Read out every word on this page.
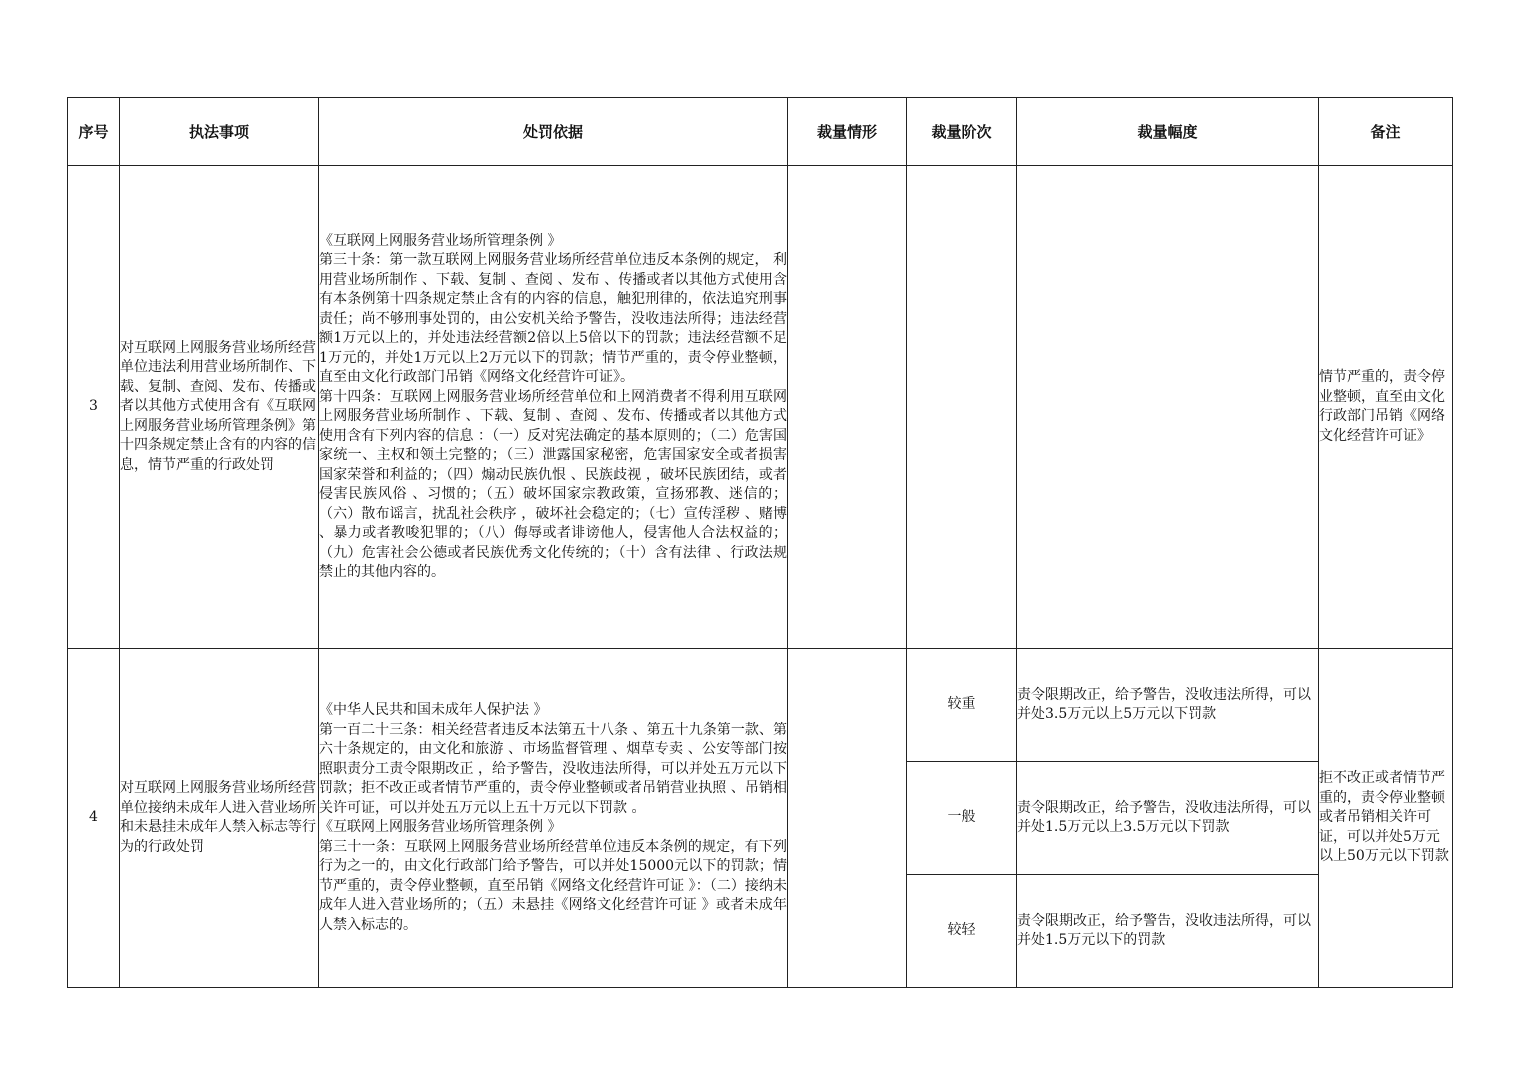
序号	执法事项	处罚依据	裁量情形	裁量阶次	裁量幅度	备注
3	对互联网上网服务营业场所经营单位违法利用营业场所制作、下载、复制、查阅、发布、传播或者以其他方式使用含有《互联网上网服务营业场所管理条例》第十四条规定禁止含有的内容的信息，情节严重的行政处罚	《互联网上网服务营业场所管理条例 》
第三十条：第一款互联网上网服务营业场所经营单位违反本条例的规定， 利用营业场所制作 、下载、复制 、查阅 、发布 、传播或者以其他方式使用含有本条例第十四条规定禁止含有的内容的信息，触犯刑律的，依法追究刑事责任；尚不够刑事处罚的，由公安机关给予警告，没收违法所得；违法经营额1万元以上的，并处违法经营额2倍以上5倍以下的罚款；违法经营额不足1万元的，并处1万元以上2万元以下的罚款；情节严重的，责令停业整顿，直至由文化行政部门吊销《网络文化经营许可证》。
第十四条：互联网上网服务营业场所经营单位和上网消费者不得利用互联网上网服务营业场所制作 、下载、复制 、查阅 、发布、传播或者以其他方式使用含有下列内容的信息 ：（一）反对宪法确定的基本原则的；（二）危害国家统一、主权和领土完整的；（三）泄露国家秘密，危害国家安全或者损害国家荣誉和利益的；（四）煽动民族仇恨 、民族歧视 ，破坏民族团结，或者侵害民族风俗 、习惯的；（五）破坏国家宗教政策，宣扬邪教、迷信的；（六）散布谣言，扰乱社会秩序 ，破坏社会稳定的；（七）宣传淫秽 、赌博 、暴力或者教唆犯罪的；（八）侮辱或者诽谤他人，侵害他人合法权益的；（九）危害社会公德或者民族优秀文化传统的；（十）含有法律 、行政法规禁止的其他内容的。				情节严重的，责令停业整顿，直至由文化行政部门吊销《网络文化经营许可证》
4	对互联网上网服务营业场所经营单位接纳未成年人进入营业场所和未悬挂未成年人禁入标志等行为的行政处罚	《中华人民共和国未成年人保护法 》
第一百二十三条：相关经营者违反本法第五十八条 、第五十九条第一款、第六十条规定的，由文化和旅游 、市场监督管理 、烟草专卖 、公安等部门按照职责分工责令限期改正 ，给予警告，没收违法所得，可以并处五万元以下罚款；拒不改正或者情节严重的，责令停业整顿或者吊销营业执照 、吊销相关许可证，可以并处五万元以上五十万元以下罚款 。
《互联网上网服务营业场所管理条例 》
第三十一条：互联网上网服务营业场所经营单位违反本条例的规定，有下列行为之一的，由文化行政部门给予警告，可以并处15000元以下的罚款；情节严重的，责令停业整顿，直至吊销《网络文化经营许可证 》：（二）接纳未成年人进入营业场所的；（五）未悬挂《网络文化经营许可证 》或者未成年人禁入标志的。		较重	责令限期改正，给予警告，没收违法所得，可以并处3.5万元以上5万元以下罚款	拒不改正或者情节严重的，责令停业整顿或者吊销相关许可证，可以并处5万元以上50万元以下罚款
				一般	责令限期改正，给予警告，没收违法所得，可以并处1.5万元以上3.5万元以下罚款	
				较轻	责令限期改正，给予警告，没收违法所得，可以并处1.5万元以下的罚款	
